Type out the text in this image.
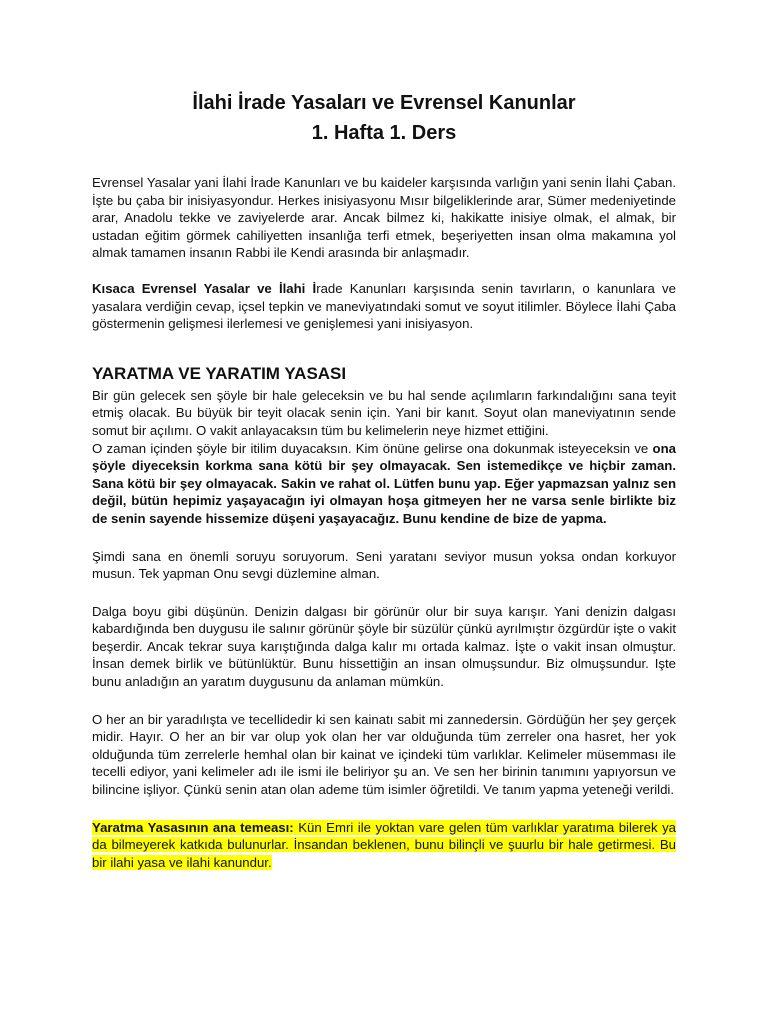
İlahi İrade Yasaları ve Evrensel Kanunlar
1. Hafta 1. Ders

Evrensel Yasalar yani İlahi İrade Kanunları ve bu kaideler karşısında varlığın yani senin İlahi Çaban. İşte bu çaba bir inisiyasyondur. Herkes inisiyasyonu Mısır bilgeliklerinde arar, Sümer medeniyetinde arar, Anadolu tekke ve zaviyelerde arar. Ancak bilmez ki, hakikatte inisiye olmak, el almak, bir ustadan eğitim görmek cahiliyetten insanlığa terfi etmek, beşeriyetten insan olma makamına yol almak tamamen insanın Rabbi ile Kendi arasında bir anlaşmadır.

Kısaca Evrensel Yasalar ve İlahi İrade Kanunları karşısında senin tavırların, o kanunlara ve yasalara verdiğin cevap, içsel tepkin ve maneviyatındaki somut ve soyut itilimler. Böylece İlahi Çaba göstermenin gelişmesi ilerlemesi ve genişlemesi yani inisiyasyon.

YARATMA VE YARATIM YASASI

Bir gün gelecek sen şöyle bir hale geleceksin ve bu hal sende açılımların farkındalığını sana teyit etmiş olacak. Bu büyük bir teyit olacak senin için. Yani bir kanıt. Soyut olan maneviyatının sende somut bir açılımı. O vakit anlayacaksın tüm bu kelimelerin neye hizmet ettiğini.

O zaman içinden şöyle bir itilim duyacaksın. Kim önüne gelirse ona dokunmak isteyeceksin ve ona şöyle diyeceksin korkma sana kötü bir şey olmayacak. Sen istemedikçe ve hiçbir zaman. Sana kötü bir şey olmayacak. Sakin ve rahat ol. Lütfen bunu yap. Eğer yapmazsan yalnız sen değil, bütün hepimiz yaşayacağın iyi olmayan hoşa gitmeyen her ne varsa senle birlikte biz de senin sayende hissemize düşeni yaşayacağız. Bunu kendine de bize de yapma.

Şimdi sana en önemli soruyu soruyorum. Seni yaratanı seviyor musun yoksa ondan korkuyor musun. Tek yapman Onu sevgi düzlemine alman.

Dalga boyu gibi düşünün. Denizin dalgası bir görünür olur bir suya karışır. Yani denizin dalgası kabardığında ben duygusu ile salınır görünür şöyle bir süzülür çünkü ayrılmıştır özgürdür işte o vakit beşerdir. Ancak tekrar suya karıştığında dalga kalır mı ortada kalmaz. İşte o vakit insan olmuştur. İnsan demek birlik ve bütünlüktür. Bunu hissettiğin an insan olmuşsundur. Biz olmuşsundur. Işte bunu anladığın an yaratım duygusunu da anlaman mümkün.

O her an bir yaradılışta ve tecellidedir ki sen kainatı sabit mi zannedersin. Gördüğün her şey gerçek midir. Hayır. O her an bir var olup yok olan her var olduğunda tüm zerreler ona hasret, her yok olduğunda tüm zerrelerle hemhal olan bir kainat ve içindeki tüm varlıklar. Kelimeler müsemması ile tecelli ediyor, yani kelimeler adı ile ismi ile beliriyor şu an. Ve sen her birinin tanımını yapıyorsun ve bilincine işliyor. Çünkü senin atan olan ademe tüm isimler öğretildi. Ve tanım yapma yeteneği verildi.

Yaratma Yasasının ana temeası: Kün Emri ile yoktan vare gelen tüm varlıklar yaratıma bilerek ya da bilmeyerek katkıda bulunurlar. İnsandan beklenen, bunu bilinçli ve şuurlu bir hale getirmesi. Bu bir ilahi yasa ve ilahi kanundur.
